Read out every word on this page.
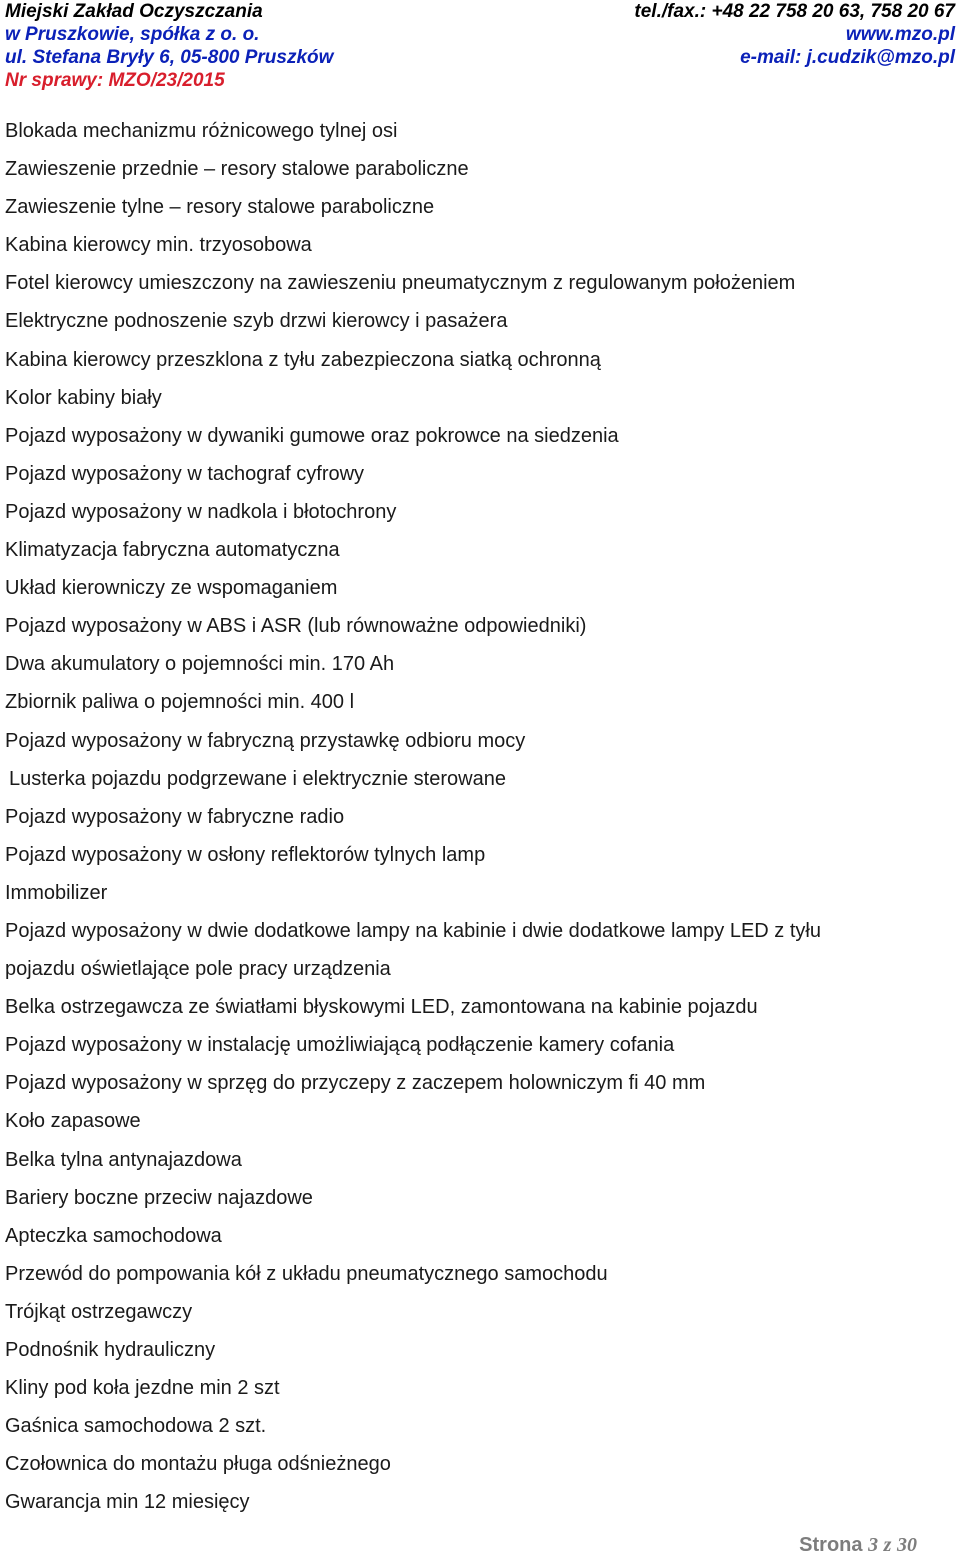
Miejski Zakład Oczyszczania	tel./fax.: +48 22 758 20 63, 758 20 67
w Pruszkowie, spółka z o. o.	www.mzo.pl
ul. Stefana Bryły 6, 05-800 Pruszków	e-mail: j.cudzik@mzo.pl
Nr sprawy: MZO/23/2015
Blokada mechanizmu różnicowego tylnej osi
Zawieszenie przednie – resory stalowe paraboliczne
Zawieszenie tylne – resory stalowe paraboliczne
Kabina kierowcy min. trzyosobowa
Fotel kierowcy umieszczony na zawieszeniu pneumatycznym z regulowanym położeniem
Elektryczne podnoszenie szyb drzwi kierowcy i pasażera
Kabina kierowcy przeszklona z tyłu zabezpieczona siatką ochronną
Kolor kabiny biały
Pojazd wyposażony w dywaniki gumowe oraz pokrowce na siedzenia
Pojazd wyposażony w tachograf cyfrowy
Pojazd wyposażony w nadkola i błotochrony
Klimatyzacja fabryczna automatyczna
Układ kierowniczy ze wspomaganiem
Pojazd wyposażony w ABS i ASR (lub równoważne odpowiedniki)
Dwa akumulatory o pojemności min. 170 Ah
Zbiornik paliwa o pojemności min. 400 l
Pojazd wyposażony w fabryczną przystawkę odbioru mocy
Lusterka pojazdu podgrzewane i elektrycznie sterowane
Pojazd wyposażony w fabryczne radio
Pojazd wyposażony w osłony reflektorów tylnych lamp
Immobilizer
Pojazd wyposażony w dwie dodatkowe lampy na kabinie i dwie dodatkowe lampy LED z tyłu
pojazdu oświetlające pole pracy urządzenia
Belka ostrzegawcza ze światłami błyskowymi LED, zamontowana na kabinie pojazdu
Pojazd wyposażony w instalację umożliwiającą podłączenie kamery cofania
Pojazd wyposażony w sprzęg do przyczepy z zaczepem holowniczym fi 40 mm
Koło zapasowe
Belka tylna antynajazdowa
Bariery boczne przeciw najazdowe
Apteczka samochodowa
Przewód do pompowania kół z układu pneumatycznego samochodu
Trójkąt ostrzegawczy
Podnośnik hydrauliczny
Kliny pod koła jezdne min 2 szt
Gaśnica samochodowa 2 szt.
Czołownica do montażu pługa odśnieżnego
Gwarancja min 12 miesięcy
Strona 3 z 30
